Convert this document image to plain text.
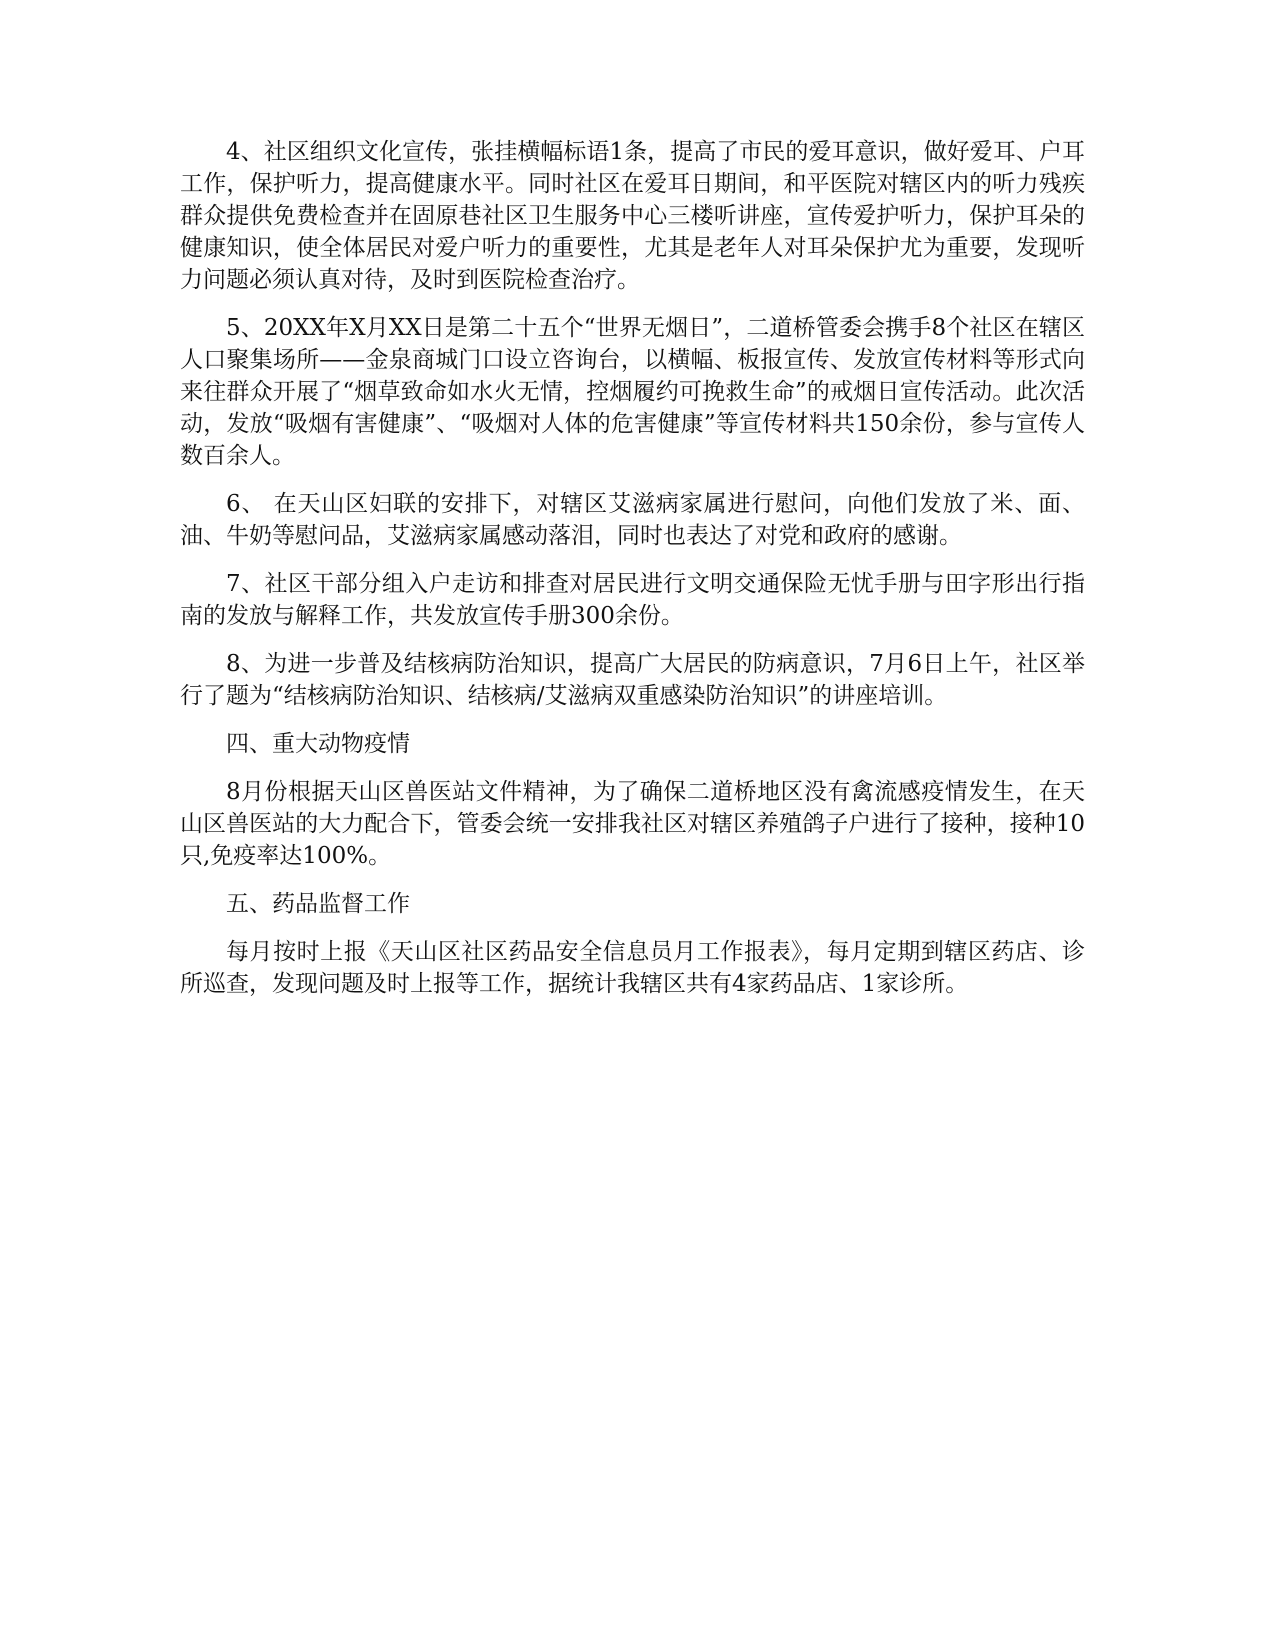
4、社区组织文化宣传，张挂横幅标语1条，提高了市民的爱耳意识，做好爱耳、户耳工作，保护听力，提高健康水平。同时社区在爱耳日期间，和平医院对辖区内的听力残疾群众提供免费检查并在固原巷社区卫生服务中心三楼听讲座，宣传爱护听力，保护耳朵的健康知识，使全体居民对爱户听力的重要性，尤其是老年人对耳朵保护尤为重要，发现听力问题必须认真对待，及时到医院检查治疗。

5、20XX年X月XX日是第二十五个“世界无烟日”，二道桥管委会携手8个社区在辖区人口聚集场所——金泉商城门口设立咨询台，以横幅、板报宣传、发放宣传材料等形式向来往群众开展了“烟草致命如水火无情，控烟履约可挽救生命”的戒烟日宣传活动。此次活动，发放“吸烟有害健康”、“吸烟对人体的危害健康”等宣传材料共150余份，参与宣传人数百余人。

6、 在天山区妇联的安排下，对辖区艾滋病家属进行慰问，向他们发放了米、面、油、牛奶等慰问品，艾滋病家属感动落泪，同时也表达了对党和政府的感谢。

7、社区干部分组入户走访和排查对居民进行文明交通保险无忧手册与田字形出行指南的发放与解释工作，共发放宣传手册300余份。

8、为进一步普及结核病防治知识，提高广大居民的防病意识，7月6日上午，社区举行了题为“结核病防治知识、结核病/艾滋病双重感染防治知识”的讲座培训。

四、重大动物疫情

8月份根据天山区兽医站文件精神，为了确保二道桥地区没有禽流感疫情发生，在天山区兽医站的大力配合下，管委会统一安排我社区对辖区养殖鸽子户进行了接种，接种10只,免疫率达100%。

五、药品监督工作

每月按时上报《天山区社区药品安全信息员月工作报表》，每月定期到辖区药店、诊所巡查，发现问题及时上报等工作，据统计我辖区共有4家药品店、1家诊所。
